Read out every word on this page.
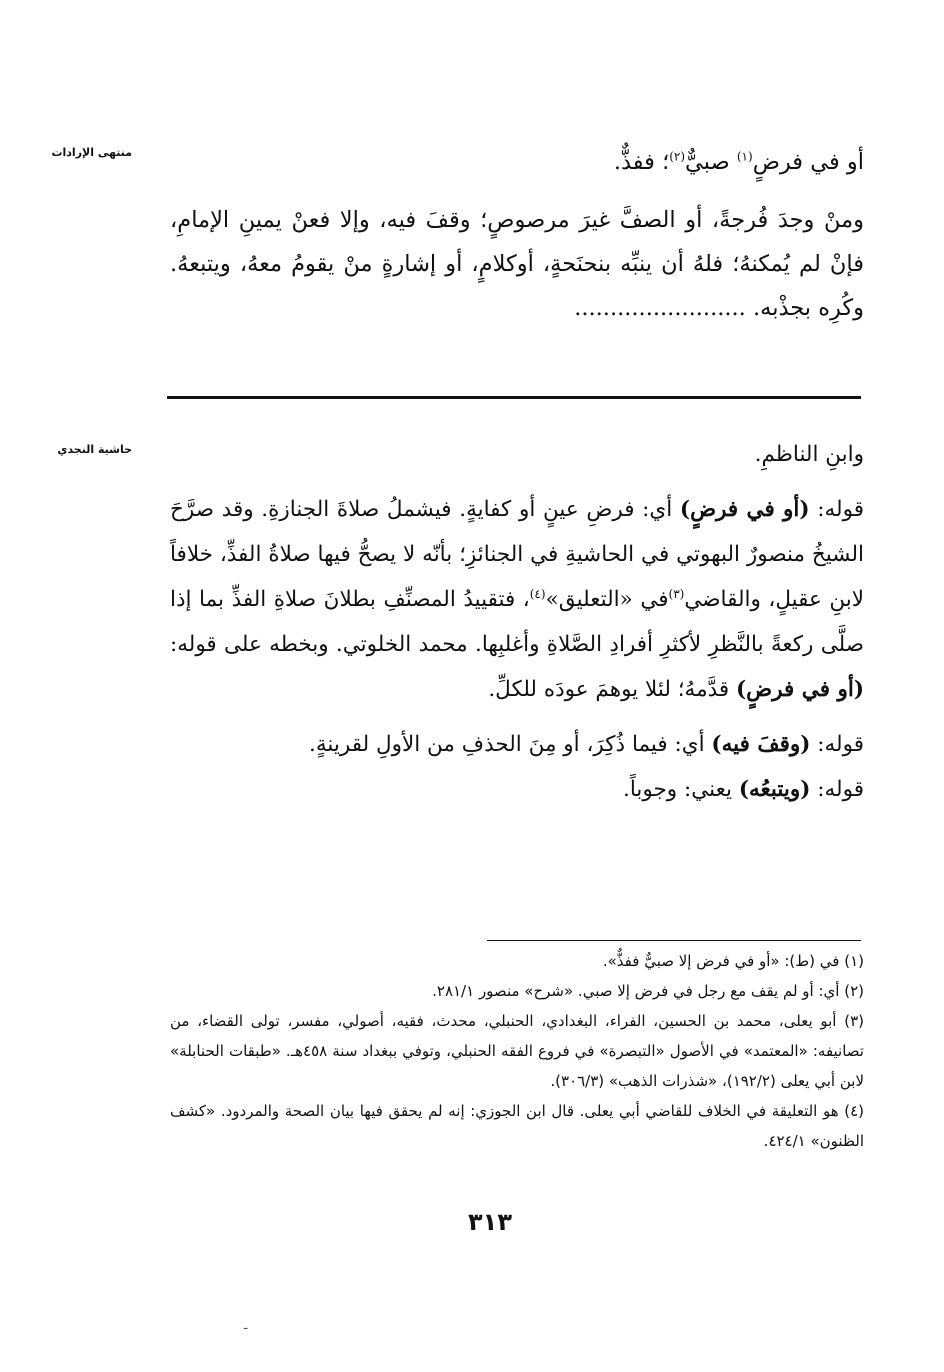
منتهى الإرادات
حاشية النجدي

أو في فرضٍ$^{(١)}$ صبيٌّ$^{(٢)}$؛ ففذٌّ.

ومنْ وجدَ فُرجةً، أو الصفَّ غيرَ مرصوصٍ؛ وقفَ فيه، وإلا فعنْ يمينِ الإمامِ، فإنْ لم يُمكنهُ؛ فلهُ أن ينبِّه بنحنَحةٍ، أوكلامٍ، أو إشارةٍ منْ يقومُ معهُ، ويتبعهُ. وكُرِه بجذْبه. ........................

وابنِ الناظمِ.

قوله: (أو في فرضٍ) أي: فرضِ عينٍ أو كفايةٍ. فيشملُ صلاةَ الجنازةِ. وقد صرَّحَ الشيخُ منصورٌ البهوتي في الحاشيةِ في الجنائزِ؛ بأنّه لا يصحُّ فيها صلاةُ الفذِّ، خلافاً لابنِ عقيلٍ، والقاضي$^{(٣)}$في «التعليق»$^{(٤)}$، فتقييدُ المصنِّفِ بطلانَ صلاةِ الفذِّ بما إذا صلَّى ركعةً بالنَّظرِ لأكثرِ أفرادِ الصَّلاةِ وأغلبِها. محمد الخلوتي. وبخطه على قوله: (أو في فرضٍ) قدَّمهُ؛ لئلا يوهمَ عودَه للكلِّ.

قوله: (وقفَ فيه) أي: فيما ذُكِرَ، أو مِنَ الحذفِ من الأولِ لقرينةٍ.

قوله: (ويتبعُه) يعني: وجوباً.

(١) في (ط): «أو في فرض إلا صبيٌّ ففذٌّ».

(٢) أي: أو لم يقف مع رجل في فرض إلا صبي. «شرح» منصور ٢٨١/١.

(٣) أبو يعلى، محمد بن الحسين، الفراء، البغدادي، الحنبلي، محدث، فقيه، أصولي، مفسر، تولى القضاء، من تصانيفه: «المعتمد» في الأصول «التبصرة» في فروع الفقه الحنبلي، وتوفي ببغداد سنة ٤٥٨هـ. «طبقات الحنابلة» لابن أبي يعلى (١٩٢/٢)، «شذرات الذهب» (٣٠٦/٣).

(٤) هو التعليقة في الخلاف للقاضي أبي يعلى. قال ابن الجوزي: إنه لم يحقق فيها بيان الصحة والمردود. «كشف الظنون» ٤٢٤/١.

٣١٣
ـ
